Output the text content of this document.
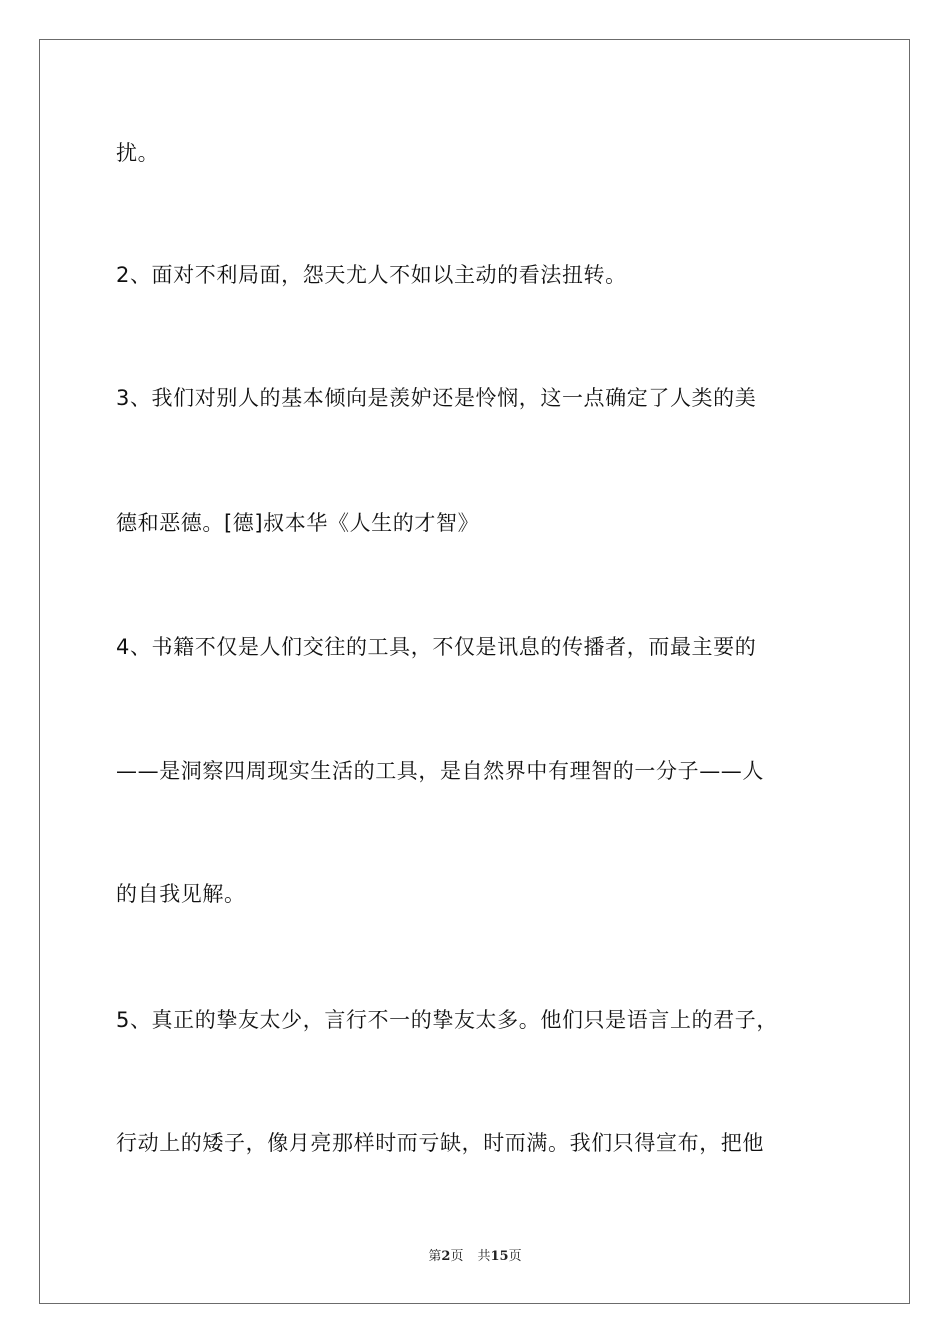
扰。
2、面对不利局面，怨天尤人不如以主动的看法扭转。
3、我们对别人的基本倾向是羡妒还是怜悯，这一点确定了人类的美
德和恶德。[德]叔本华《人生的才智》
4、书籍不仅是人们交往的工具，不仅是讯息的传播者，而最主要的
——是洞察四周现实生活的工具，是自然界中有理智的一分子——人
的自我见解。
5、真正的挚友太少，言行不一的挚友太多。他们只是语言上的君子，
行动上的矮子，像月亮那样时而亏缺，时而满。我们只得宣布，把他
第2页 共15页
